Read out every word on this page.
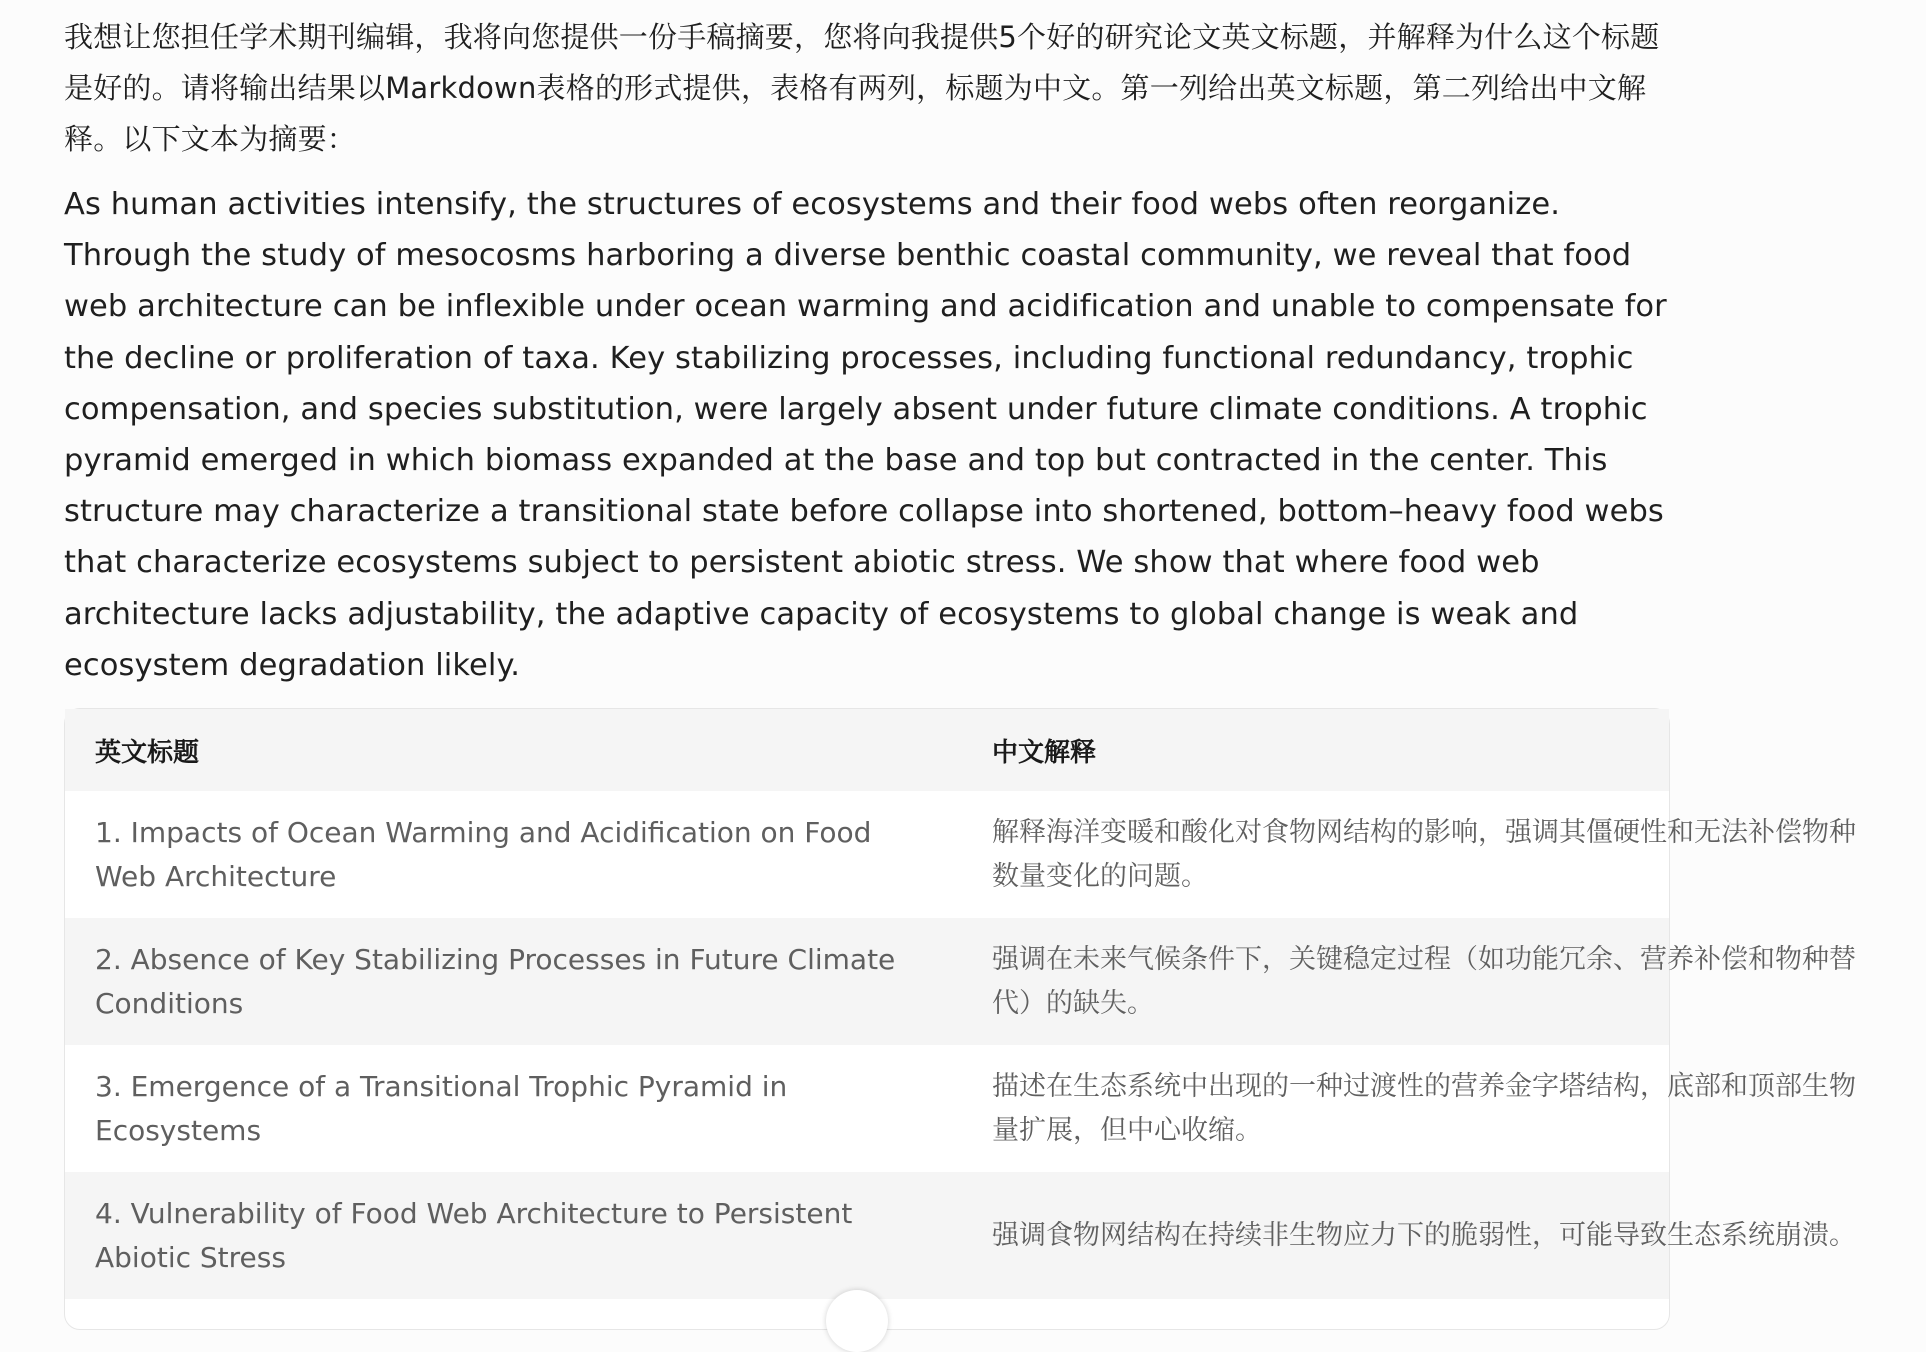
我想让您担任学术期刊编辑，我将向您提供一份手稿摘要，您将向我提供5个好的研究论文英文标题，并解释为什么这个标题是好的。请将输出结果以Markdown表格的形式提供，表格有两列，标题为中文。第一列给出英文标题，第二列给出中文解释。以下文本为摘要：

As human activities intensify, the structures of ecosystems and their food webs often reorganize. Through the study of mesocosms harboring a diverse benthic coastal community, we reveal that food web architecture can be inflexible under ocean warming and acidification and unable to compensate for the decline or proliferation of taxa. Key stabilizing processes, including functional redundancy, trophic compensation, and species substitution, were largely absent under future climate conditions. A trophic pyramid emerged in which biomass expanded at the base and top but contracted in the center. This structure may characterize a transitional state before collapse into shortened, bottom–heavy food webs that characterize ecosystems subject to persistent abiotic stress. We show that where food web architecture lacks adjustability, the adaptive capacity of ecosystems to global change is weak and ecosystem degradation likely.

英文标题	中文解释
1. Impacts of Ocean Warming and Acidification on Food Web Architecture
解释海洋变暖和酸化对食物网结构的影响，强调其僵硬性和无法补偿物种数量变化的问题。
2. Absence of Key Stabilizing Processes in Future Climate Conditions
强调在未来气候条件下，关键稳定过程（如功能冗余、营养补偿和物种替代）的缺失。
3. Emergence of a Transitional Trophic Pyramid in Ecosystems
描述在生态系统中出现的一种过渡性的营养金字塔结构，底部和顶部生物量扩展，但中心收缩。
4. Vulnerability of Food Web Architecture to Persistent Abiotic Stress
强调食物网结构在持续非生物应力下的脆弱性，可能导致生态系统崩溃。
